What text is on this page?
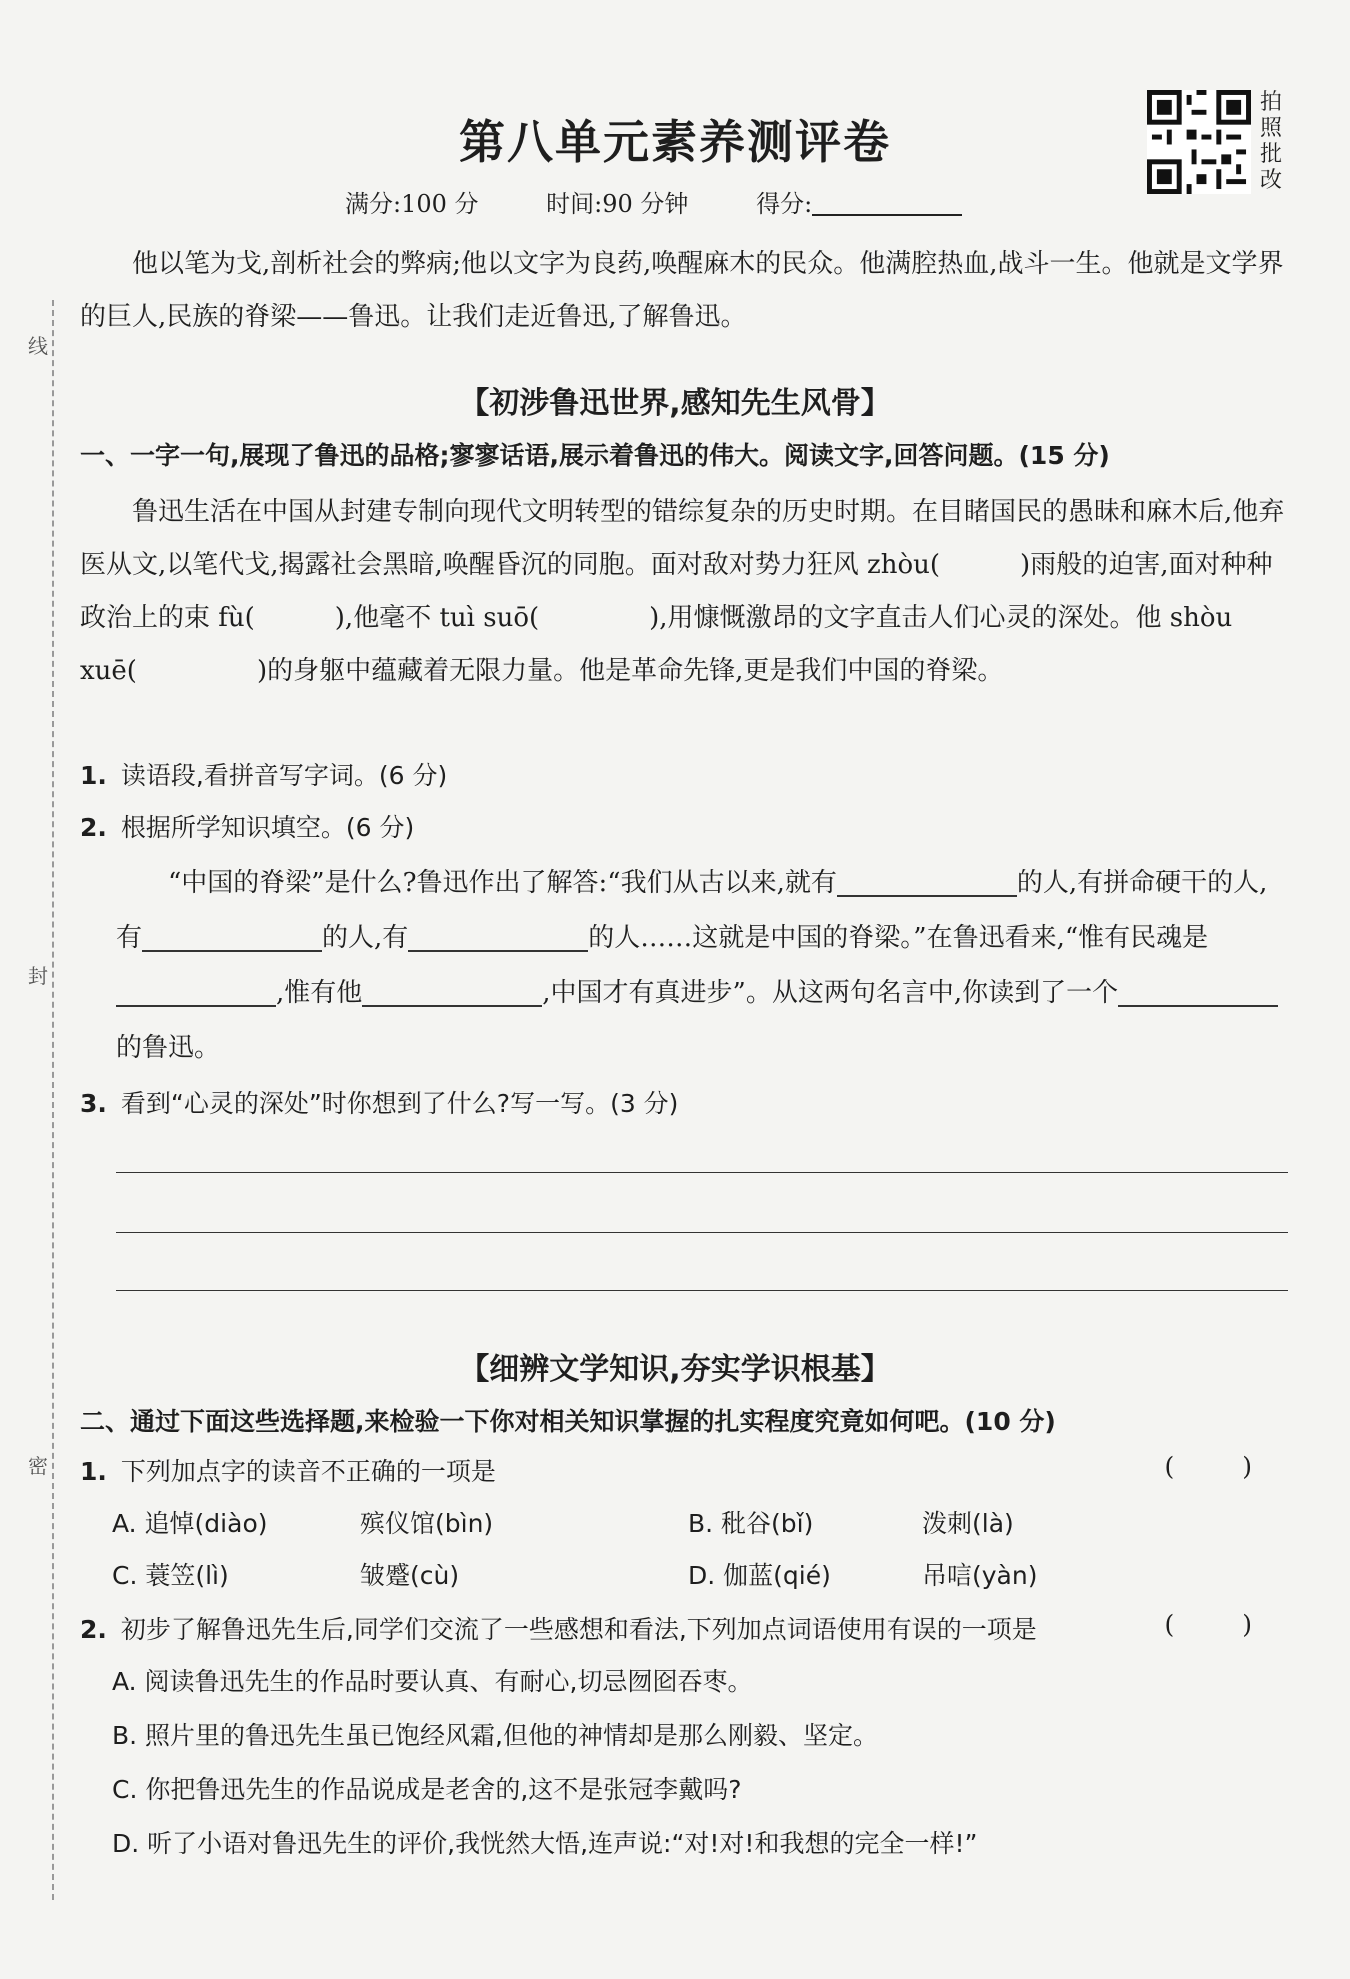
线
封
密
第八单元素养测评卷
满分:100 分	时间:90 分钟	得分:
拍照批改
他以笔为戈,剖析社会的弊病;他以文字为良药,唤醒麻木的民众。他满腔热血,战斗一生。他就是文学界的巨人,民族的脊梁——鲁迅。让我们走近鲁迅,了解鲁迅。
【初涉鲁迅世界,感知先生风骨】
一、一字一句,展现了鲁迅的品格;寥寥话语,展示着鲁迅的伟大。阅读文字,回答问题。(15 分)
鲁迅生活在中国从封建专制向现代文明转型的错综复杂的历史时期。在目睹国民的愚昧和麻木后,他弃医从文,以笔代戈,揭露社会黑暗,唤醒昏沉的同胞。面对敌对势力狂风 zhòu(	)雨般的迫害,面对种种政治上的束 fù(	),他毫不 tuì suō(	),用慷慨激昂的文字直击人们心灵的深处。他 shòu xuē(	)的身躯中蕴藏着无限力量。他是革命先锋,更是我们中国的脊梁。
1. 读语段,看拼音写字词。(6 分)
2. 根据所学知识填空。(6 分)
“中国的脊梁”是什么?鲁迅作出了解答:“我们从古以来,就有	的人,有拼命硬干的人,有	的人,有	的人……这就是中国的脊梁。”在鲁迅看来,“惟有民魂是,惟有他	,中国才有真进步”。从这两句名言中,你读到了一个的鲁迅。
3. 看到“心灵的深处”时你想到了什么?写一写。(3 分)
【细辨文学知识,夯实学识根基】
二、通过下面这些选择题,来检验一下你对相关知识掌握的扎实程度究竟如何吧。(10 分)
1. 下列加点字的读音不正确的一项是	( )
A. 追悼(diào)	殡仪馆(bìn)	B. 秕谷(bǐ)	泼刺(là)
C. 蓑笠(lì)	皱蹙(cù)	D. 伽蓝(qié)	吊唁(yàn)
2. 初步了解鲁迅先生后,同学们交流了一些感想和看法,下列加点词语使用有误的一项是	( )
A. 阅读鲁迅先生的作品时要认真、有耐心,切忌囫囵吞枣。
B. 照片里的鲁迅先生虽已饱经风霜,但他的神情却是那么刚毅、坚定。
C. 你把鲁迅先生的作品说成是老舍的,这不是张冠李戴吗?
D. 听了小语对鲁迅先生的评价,我恍然大悟,连声说:“对!对!和我想的完全一样!”
